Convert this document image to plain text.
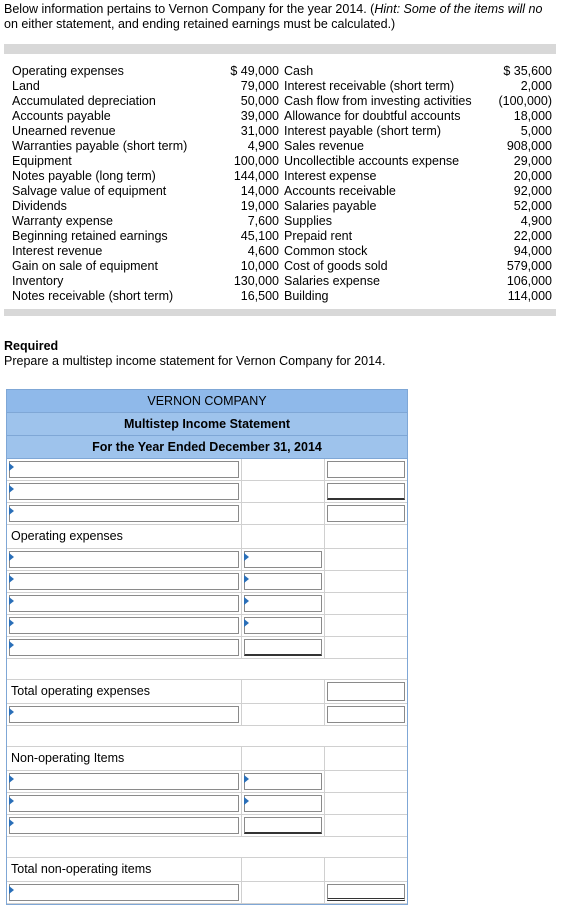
Below information pertains to Vernon Company for the year 2014. (Hint: Some of the items will no
on either statement, and ending retained earnings must be calculated.)
Operating expenses	$ 49,000 Cash	$ 35,600
Land	79,000 Interest receivable (short term)	2,000
Accumulated depreciation	50,000 Cash flow from investing activities	(100,000)
Accounts payable	39,000 Allowance for doubtful accounts	18,000
Unearned revenue	31,000 Interest payable (short term)	5,000
Warranties payable (short term)	4,900 Sales revenue	908,000
Equipment	100,000 Uncollectible accounts expense	29,000
Notes payable (long term)	144,000 Interest expense	20,000
Salvage value of equipment	14,000 Accounts receivable	92,000
Dividends	19,000 Salaries payable	52,000
Warranty expense	7,600 Supplies	4,900
Beginning retained earnings	45,100 Prepaid rent	22,000
Interest revenue	4,600 Common stock	94,000
Gain on sale of equipment	10,000 Cost of goods sold	579,000
Inventory	130,000 Salaries expense	106,000
Notes receivable (short term)	16,500 Building	114,000
Required
Prepare a multistep income statement for Vernon Company for 2014.
VERNON COMPANY
Multistep Income Statement
For the Year Ended December 31, 2014
Operating expenses
Total operating expenses
Non-operating Items
Total non-operating items
